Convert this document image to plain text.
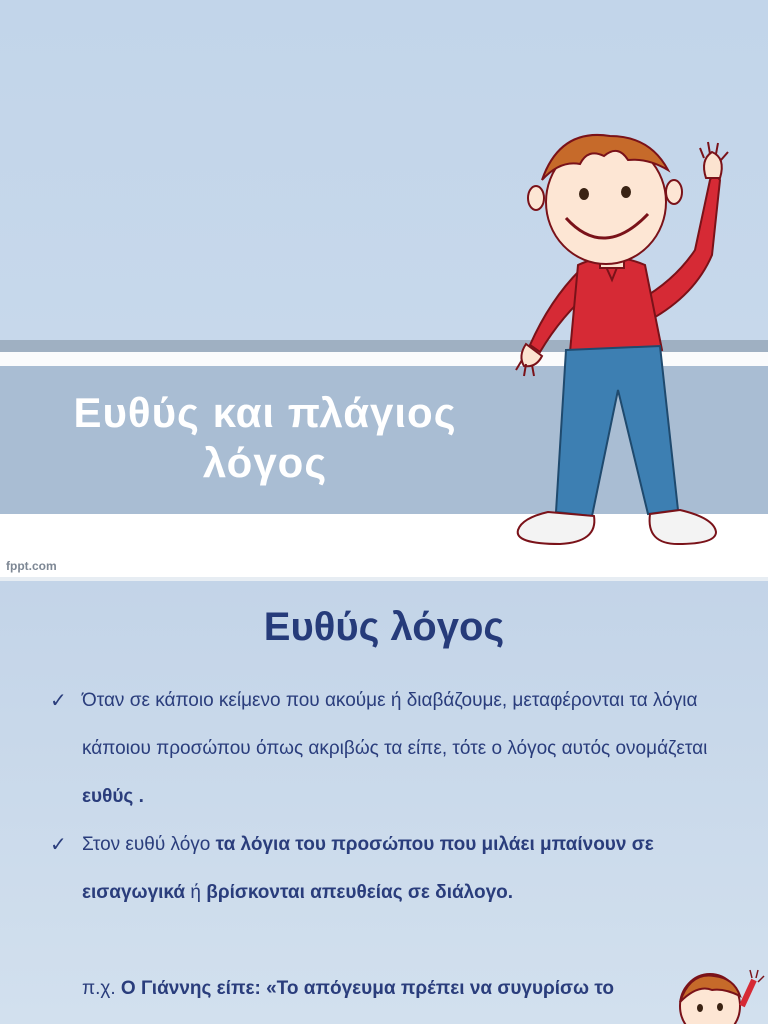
Ευθύς και πλάγιος
λόγος
fppt.com
Ευθύς λόγος
✓ Όταν σε κάποιο κείμενο που ακούμε ή διαβάζουμε, μεταφέρονται τα λόγια κάποιου προσώπου όπως ακριβώς τα είπε, τότε ο λόγος αυτός ονομάζεται ευθύς .
✓ Στον ευθύ λόγο τα λόγια του προσώπου που μιλάει μπαίνουν σε εισαγωγικά ή βρίσκονται απευθείας σε διάλογο.
π.χ. Ο Γιάννης είπε: «Το απόγευμα πρέπει να συγυρίσω το
